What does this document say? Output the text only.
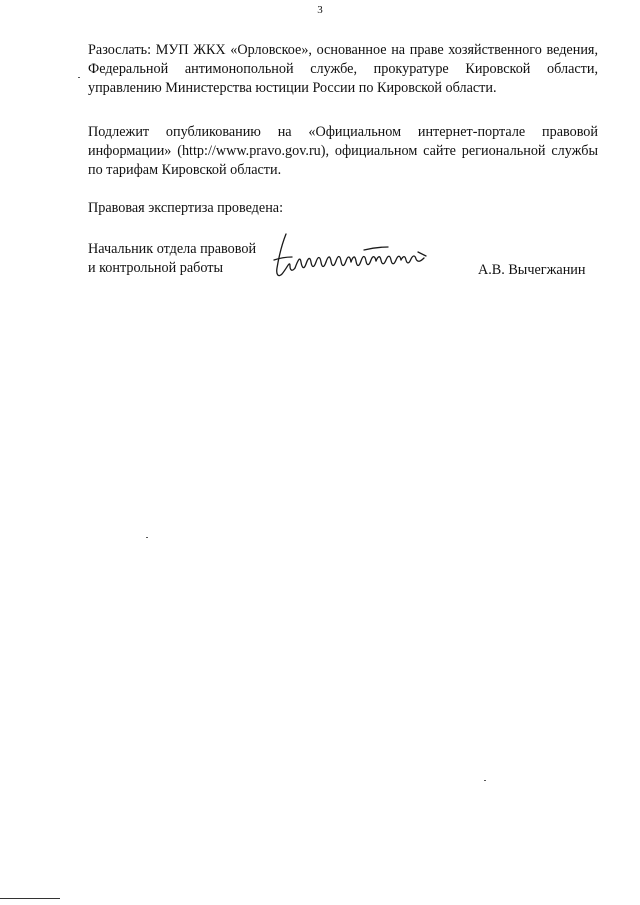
3

Разослать: МУП ЖКХ «Орловское», основанное на праве хозяйственного ведения, Федеральной антимонопольной службе, прокуратуре Кировской области, управлению Министерства юстиции России по Кировской области.

Подлежит опубликованию на «Официальном интернет-портале правовой информации» (http://www.pravo.gov.ru), официальном сайте региональной службы по тарифам Кировской области.

Правовая экспертиза проведена:

Начальник отдела правовой
и контрольной работы	А.В. Вычегжанин
